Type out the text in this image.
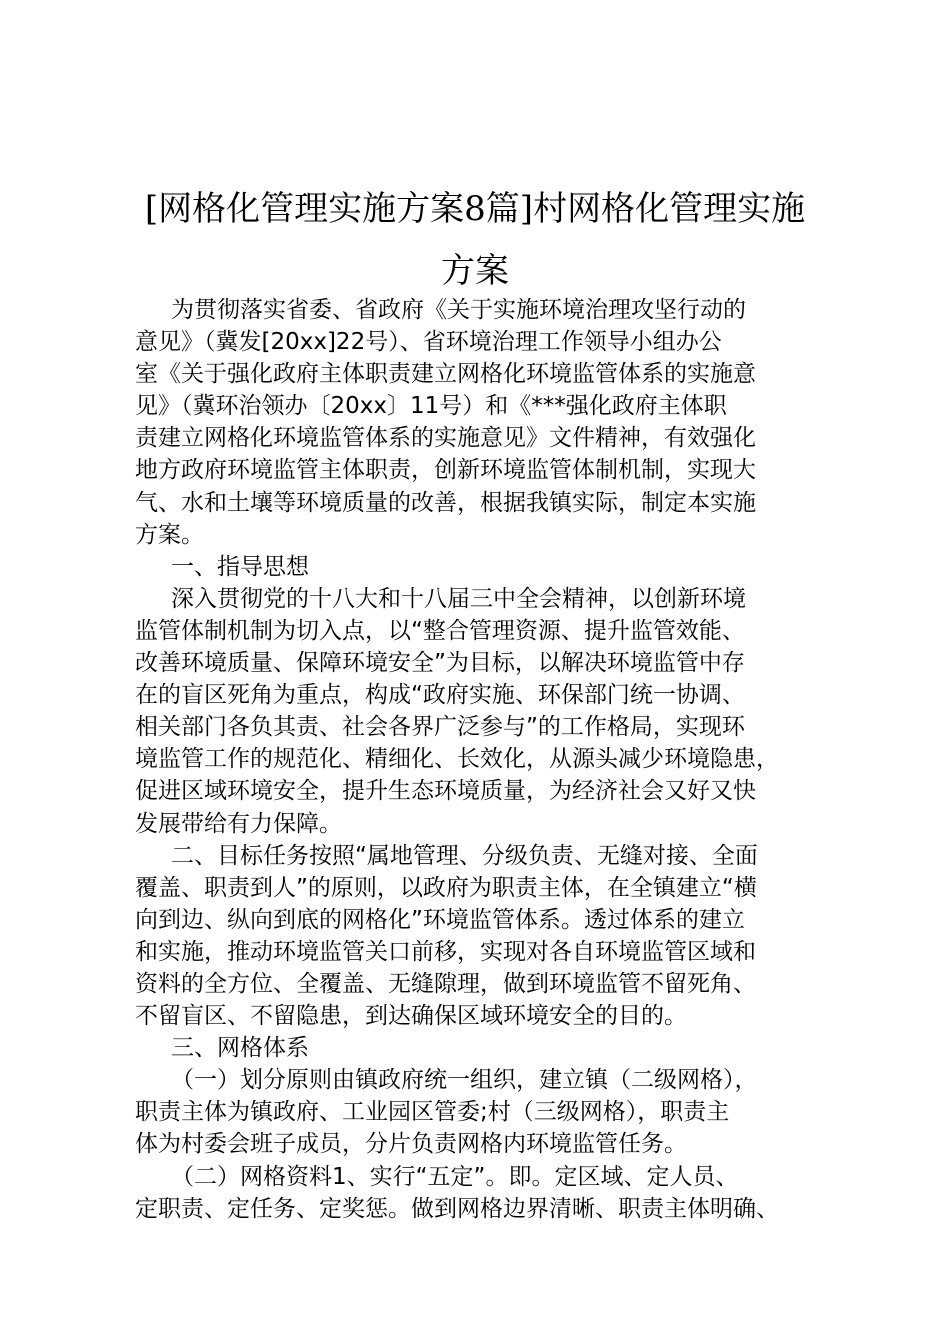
[网格化管理实施方案8篇]村网格化管理实施
方案
为贯彻落实省委、省政府《关于实施环境治理攻坚行动的
意见》（冀发[20xx]22号）、省环境治理工作领导小组办公
室《关于强化政府主体职责建立网格化环境监管体系的实施意
见》（冀环治领办〔20xx〕11号）和《***强化政府主体职
责建立网格化环境监管体系的实施意见》文件精神，有效强化
地方政府环境监管主体职责，创新环境监管体制机制，实现大
气、水和土壤等环境质量的改善，根据我镇实际，制定本实施
方案。
一、指导思想
深入贯彻党的十八大和十八届三中全会精神，以创新环境
监管体制机制为切入点，以“整合管理资源、提升监管效能、
改善环境质量、保障环境安全”为目标，以解决环境监管中存
在的盲区死角为重点，构成“政府实施、环保部门统一协调、
相关部门各负其责、社会各界广泛参与”的工作格局，实现环
境监管工作的规范化、精细化、长效化，从源头减少环境隐患，
促进区域环境安全，提升生态环境质量，为经济社会又好又快
发展带给有力保障。
二、目标任务按照“属地管理、分级负责、无缝对接、全面
覆盖、职责到人”的原则，以政府为职责主体，在全镇建立“横
向到边、纵向到底的网格化”环境监管体系。透过体系的建立
和实施，推动环境监管关口前移，实现对各自环境监管区域和
资料的全方位、全覆盖、无缝隙理，做到环境监管不留死角、
不留盲区、不留隐患，到达确保区域环境安全的目的。
三、网格体系
（一）划分原则由镇政府统一组织，建立镇（二级网格），
职责主体为镇政府、工业园区管委;村（三级网格），职责主
体为村委会班子成员，分片负责网格内环境监管任务。
（二）网格资料1、实行“五定”。即。定区域、定人员、
定职责、定任务、定奖惩。做到网格边界清晰、职责主体明确、
